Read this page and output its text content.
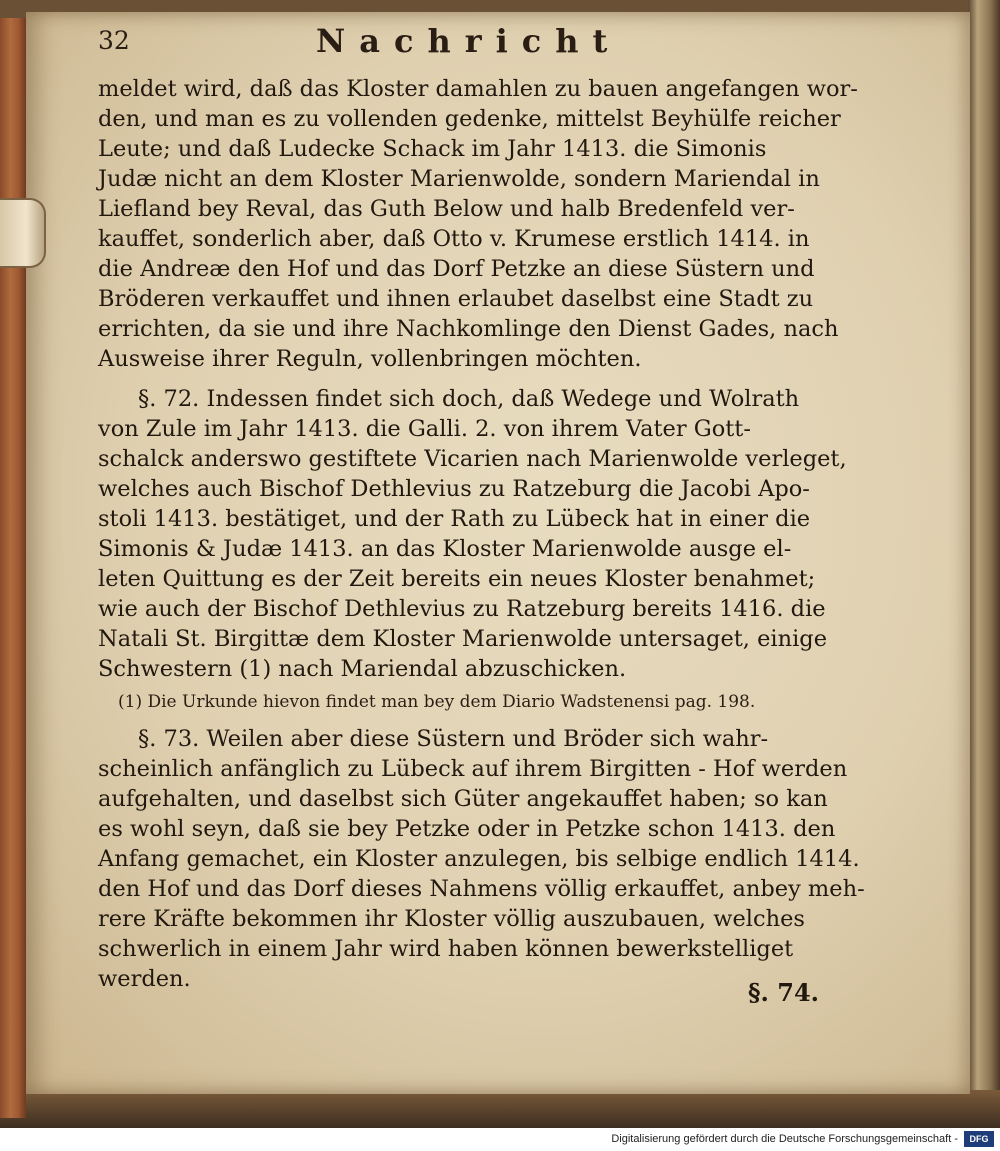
32	Nachricht
meldet wird, daß das Kloster damahlen zu bauen angefangen wor-
den, und man es zu vollenden gedenke, mittelst Beyhülfe reicher
Leute; und daß Ludecke Schack im Jahr 1413. die Simonis
Judæ nicht an dem Kloster Marienwolde, sondern Mariendal in
Liefland bey Reval, das Guth Below und halb Bredenfeld ver-
kauffet, sonderlich aber, daß Otto v. Krumese erstlich 1414. in
die Andreæ den Hof und das Dorf Petzke an diese Süstern und
Bröderen verkauffet und ihnen erlaubet daselbst eine Stadt zu
errichten, da sie und ihre Nachkomlinge den Dienst Gades, nach
Ausweise ihrer Reguln, vollenbringen möchten.
§. 72. Indessen findet sich doch, daß Wedege und Wolrath
von Zule im Jahr 1413. die Galli. 2. von ihrem Vater Gott-
schalck anderswo gestiftete Vicarien nach Marienwolde verleget,
welches auch Bischof Dethlevius zu Ratzeburg die Jacobi Apo-
stoli 1413. bestätiget, und der Rath zu Lübeck hat in einer die
Simonis & Judæ 1413. an das Kloster Marienwolde ausge el-
leten Quittung es der Zeit bereits ein neues Kloster benahmet;
wie auch der Bischof Dethlevius zu Ratzeburg bereits 1416. die
Natali St. Birgittæ dem Kloster Marienwolde untersaget, einige
Schwestern (1) nach Mariendal abzuschicken.
(1) Die Urkunde hievon findet man bey dem Diario Wadstenensi pag. 198.
§. 73. Weilen aber diese Süstern und Bröder sich wahr-
scheinlich anfänglich zu Lübeck auf ihrem Birgitten - Hof werden
aufgehalten, und daselbst sich Güter angekauffet haben; so kan
es wohl seyn, daß sie bey Petzke oder in Petzke schon 1413. den
Anfang gemachet, ein Kloster anzulegen, bis selbige endlich 1414.
den Hof und das Dorf dieses Nahmens völlig erkauffet, anbey meh-
rere Kräfte bekommen ihr Kloster völlig auszubauen, welches
schwerlich in einem Jahr wird haben können bewerkstelliget
werden.	§. 74.
Digitalisierung gefördert durch die Deutsche Forschungsgemeinschaft -	DFG
